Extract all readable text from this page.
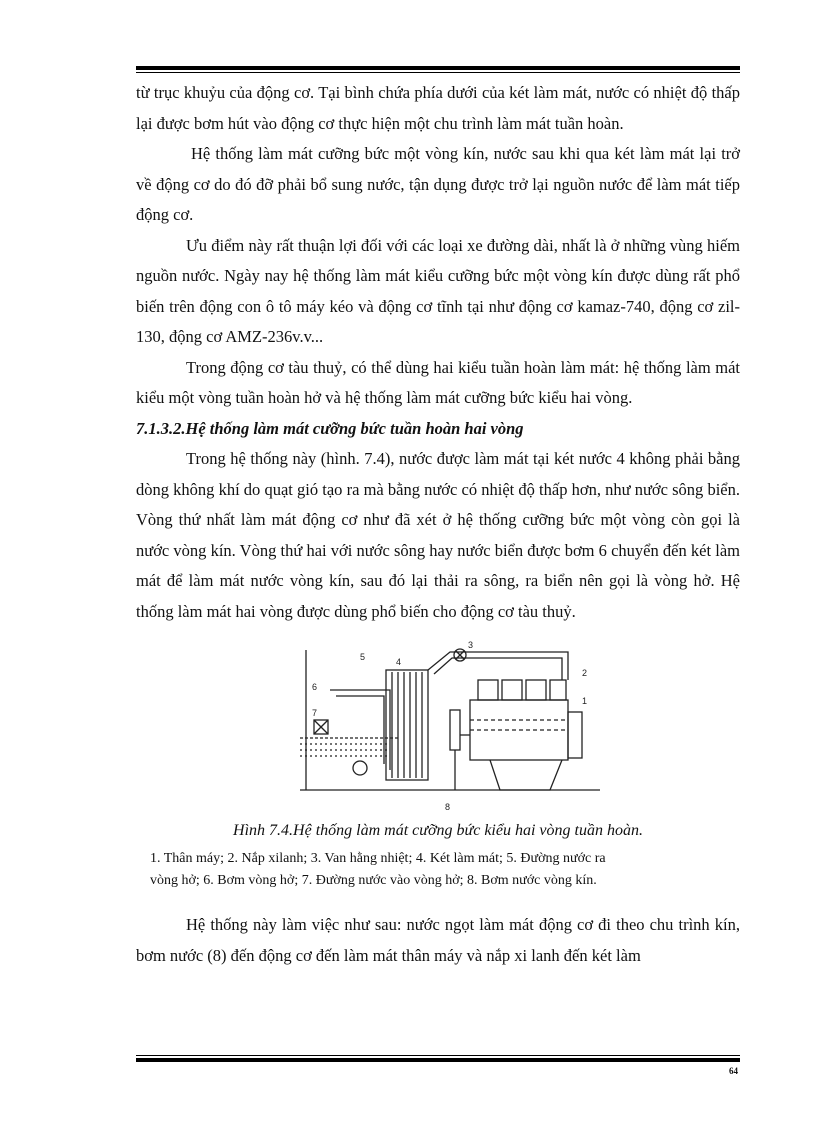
từ trục khuỷu của động cơ. Tại bình chứa phía dưới của két làm mát, nước có nhiệt độ thấp lại được bơm hút vào động cơ thực hiện một chu trình làm mát tuần hoàn.

Hệ thống làm mát cưỡng bức một vòng kín, nước sau khi qua két làm mát lại trở về động cơ do đó đỡ phải bổ sung nước, tận dụng được trở lại nguồn nước để làm mát tiếp động cơ.

Ưu điểm này rất thuận lợi đối với các loại xe đường dài, nhất là ở những vùng hiếm nguồn nước. Ngày nay hệ thống làm mát kiểu cưỡng bức một vòng kín được dùng rất phổ biến trên động con ô tô máy kéo và động cơ tĩnh tại như động cơ kamaz-740, động cơ zil-130, động cơ AMZ-236v.v...

Trong động cơ tàu thuỷ, có thể dùng hai kiểu tuần hoàn làm mát: hệ thống làm mát kiểu một vòng tuần hoàn hở và hệ thống làm mát cưỡng bức kiểu hai vòng.

7.1.3.2.Hệ thống làm mát cưỡng bức tuần hoàn hai vòng

Trong hệ thống này (hình. 7.4), nước được làm mát tại két nước 4 không phải bằng dòng không khí do quạt gió tạo ra mà bằng nước có nhiệt độ thấp hơn, như nước sông biển. Vòng thứ nhất làm mát động cơ như đã xét ở hệ thống cưỡng bức một vòng còn gọi là nước vòng kín. Vòng thứ hai với nước sông hay nước biển được bơm 6 chuyển đến két làm mát để làm mát nước vòng kín, sau đó lại thải ra sông, ra biển nên gọi là vòng hở. Hệ thống làm mát hai vòng được dùng phổ biến cho động cơ tàu thuỷ.

1
2
3
4
5
6
7
8
Hình 7.4.Hệ thống làm mát cưỡng bức kiểu hai vòng tuần hoàn.
1. Thân máy; 2. Nắp xilanh; 3. Van hằng nhiệt; 4. Két làm mát; 5. Đường nước ra
vòng hở; 6. Bơm vòng hở; 7. Đường nước vào vòng hở; 8. Bơm nước vòng kín.

Hệ thống này làm việc như sau: nước ngọt làm mát động cơ đi theo chu trình kín, bơm nước (8) đến động cơ đến làm mát thân máy và nắp xi lanh đến két làm

64
